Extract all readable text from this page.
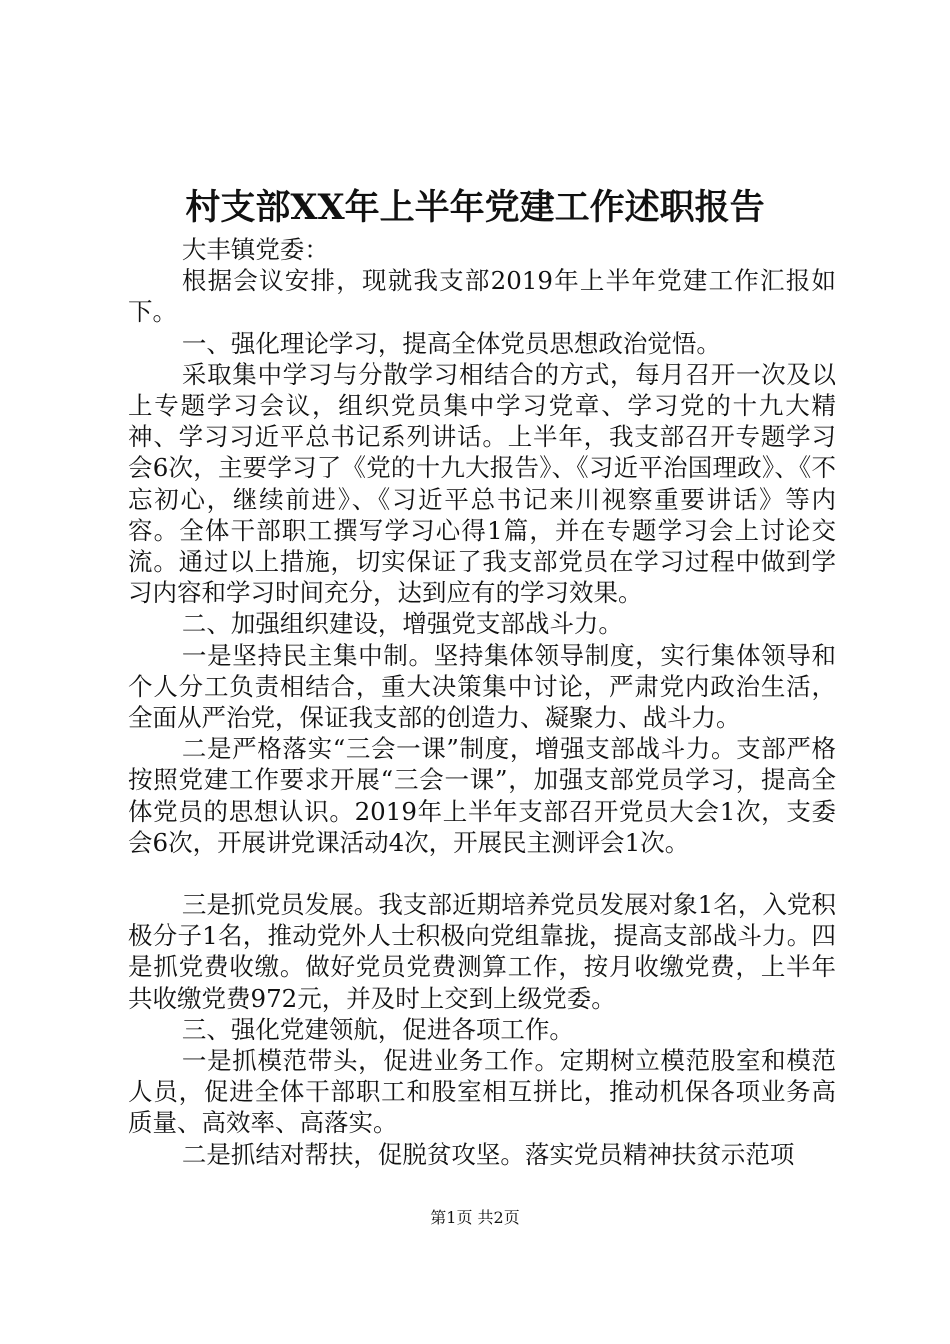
村支部XX年上半年党建工作述职报告

大丰镇党委：

根据会议安排，现就我支部2019年上半年党建工作汇报如下。

一、强化理论学习，提高全体党员思想政治觉悟。

采取集中学习与分散学习相结合的方式，每月召开一次及以上专题学习会议，组织党员集中学习党章、学习党的十九大精神、学习习近平总书记系列讲话。上半年，我支部召开专题学习会6次，主要学习了《党的十九大报告》、《习近平治国理政》、《不忘初心，继续前进》、《习近平总书记来川视察重要讲话》等内容。全体干部职工撰写学习心得1篇，并在专题学习会上讨论交流。通过以上措施，切实保证了我支部党员在学习过程中做到学习内容和学习时间充分，达到应有的学习效果。

二、加强组织建设，增强党支部战斗力。

一是坚持民主集中制。坚持集体领导制度，实行集体领导和个人分工负责相结合，重大决策集中讨论，严肃党内政治生活，全面从严治党，保证我支部的创造力、凝聚力、战斗力。

二是严格落实“三会一课”制度，增强支部战斗力。支部严格按照党建工作要求开展“三会一课”，加强支部党员学习，提高全体党员的思想认识。2019年上半年支部召开党员大会1次，支委会6次，开展讲党课活动4次，开展民主测评会1次。

三是抓党员发展。我支部近期培养党员发展对象1名，入党积极分子1名，推动党外人士积极向党组靠拢，提高支部战斗力。四是抓党费收缴。做好党员党费测算工作，按月收缴党费，上半年共收缴党费972元，并及时上交到上级党委。

三、强化党建领航，促进各项工作。

一是抓模范带头，促进业务工作。定期树立模范股室和模范人员，促进全体干部职工和股室相互拼比，推动机保各项业务高质量、高效率、高落实。

二是抓结对帮扶，促脱贫攻坚。落实党员精神扶贫示范项

第1页 共2页
